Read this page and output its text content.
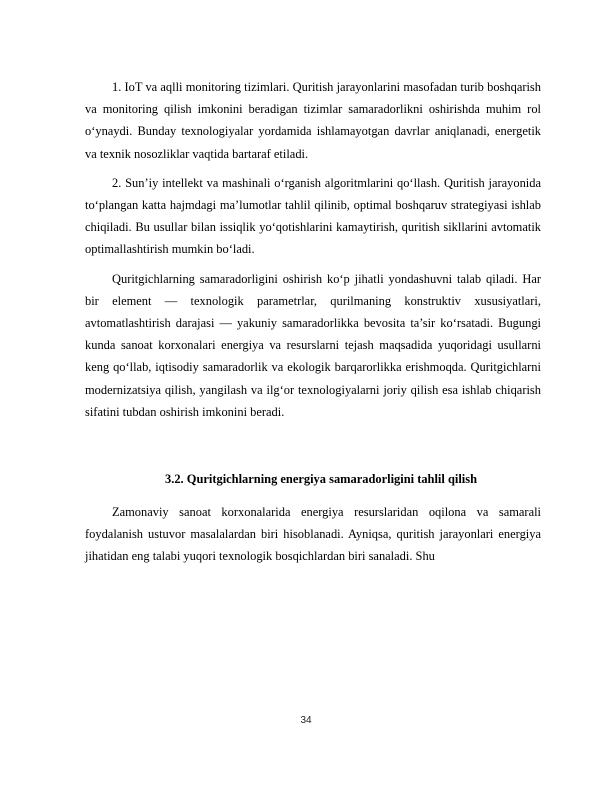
1. IoT va aqlli monitoring tizimlari. Quritish jarayonlarini masofadan turib boshqarish va monitoring qilish imkonini beradigan tizimlar samaradorlikni oshirishda muhim rol o‘ynaydi. Bunday texnologiyalar yordamida ishlamayotgan davrlar aniqlanadi, energetik va texnik nosozliklar vaqtida bartaraf etiladi.

2. Sun’iy intellekt va mashinali o‘rganish algoritmlarini qo‘llash. Quritish jarayonida to‘plangan katta hajmdagi ma’lumotlar tahlil qilinib, optimal boshqaruv strategiyasi ishlab chiqiladi. Bu usullar bilan issiqlik yo‘qotishlarini kamaytirish, quritish sikllarini avtomatik optimallashtirish mumkin bo‘ladi.

Quritgichlarning samaradorligini oshirish ko‘p jihatli yondashuvni talab qiladi. Har bir element — texnologik parametrlar, qurilmaning konstruktiv xususiyatlari, avtomatlashtirish darajasi — yakuniy samaradorlikka bevosita ta’sir ko‘rsatadi. Bugungi kunda sanoat korxonalari energiya va resurslarni tejash maqsadida yuqoridagi usullarni keng qo‘llab, iqtisodiy samaradorlik va ekologik barqarorlikka erishmoqda. Quritgichlarni modernizatsiya qilish, yangilash va ilg‘or texnologiyalarni joriy qilish esa ishlab chiqarish sifatini tubdan oshirish imkonini beradi.

3.2. Quritgichlarning energiya samaradorligini tahlil qilish

Zamonaviy sanoat korxonalarida energiya resurslaridan oqilona va samarali foydalanish ustuvor masalalardan biri hisoblanadi. Ayniqsa, quritish jarayonlari energiya jihatidan eng talabi yuqori texnologik bosqichlardan biri sanaladi. Shu

34
